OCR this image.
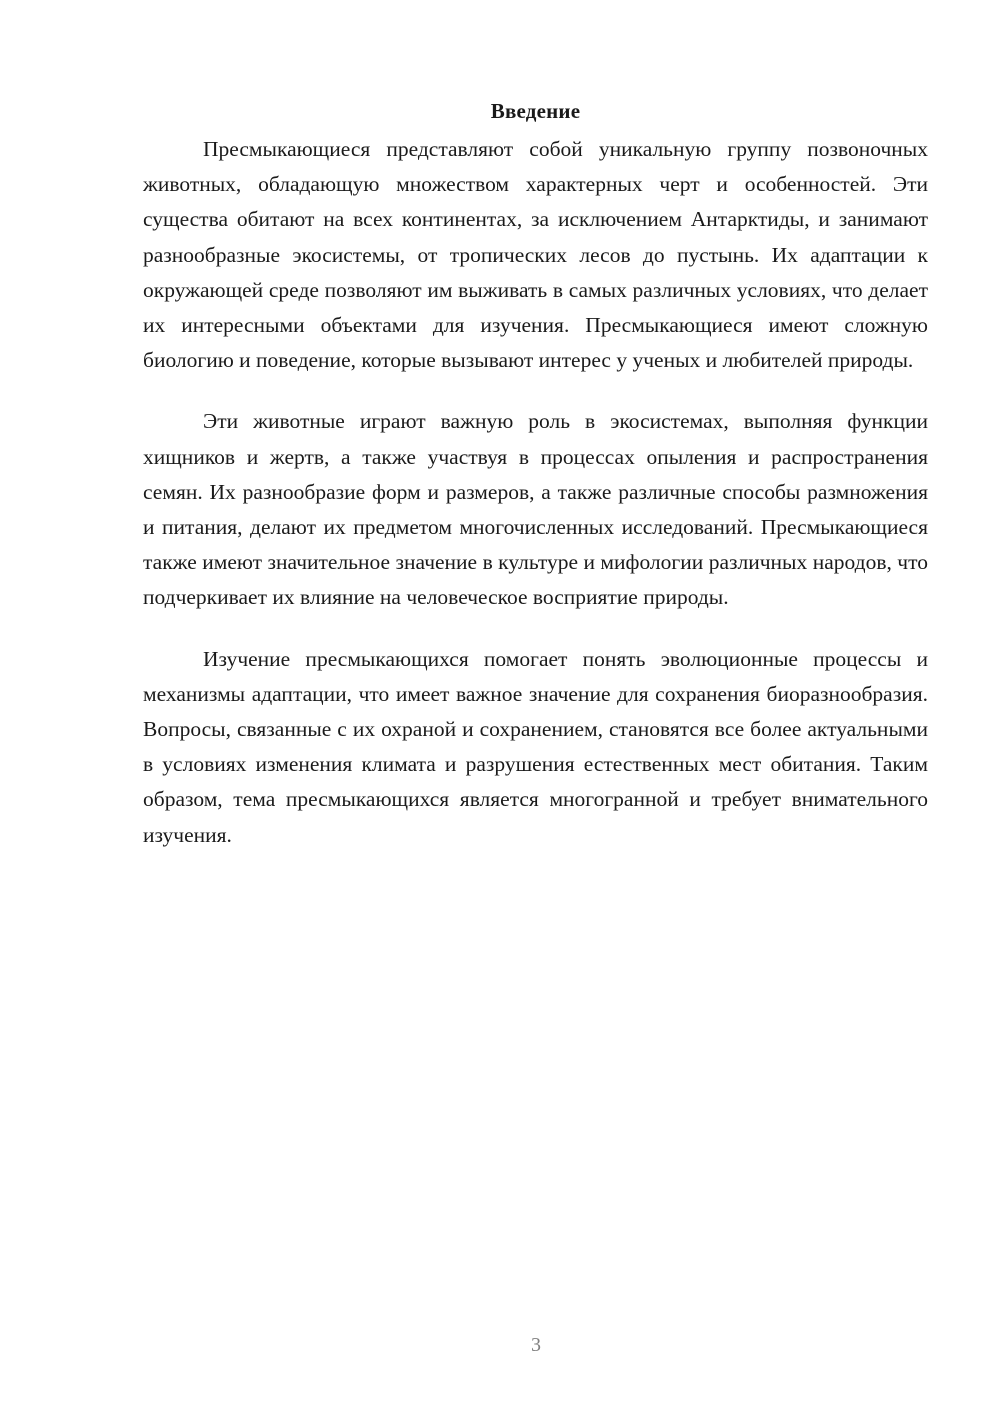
Введение

Пресмыкающиеся представляют собой уникальную группу позвоночных животных, обладающую множеством характерных черт и особенностей. Эти существа обитают на всех континентах, за исключением Антарктиды, и занимают разнообразные экосистемы, от тропических лесов до пустынь. Их адаптации к окружающей среде позволяют им выживать в самых различных условиях, что делает их интересными объектами для изучения. Пресмыкающиеся имеют сложную биологию и поведение, которые вызывают интерес у ученых и любителей природы.

Эти животные играют важную роль в экосистемах, выполняя функции хищников и жертв, а также участвуя в процессах опыления и распространения семян. Их разнообразие форм и размеров, а также различные способы размножения и питания, делают их предметом многочисленных исследований. Пресмыкающиеся также имеют значительное значение в культуре и мифологии различных народов, что подчеркивает их влияние на человеческое восприятие природы.

Изучение пресмыкающихся помогает понять эволюционные процессы и механизмы адаптации, что имеет важное значение для сохранения биоразнообразия. Вопросы, связанные с их охраной и сохранением, становятся все более актуальными в условиях изменения климата и разрушения естественных мест обитания. Таким образом, тема пресмыкающихся является многогранной и требует внимательного изучения.

3
